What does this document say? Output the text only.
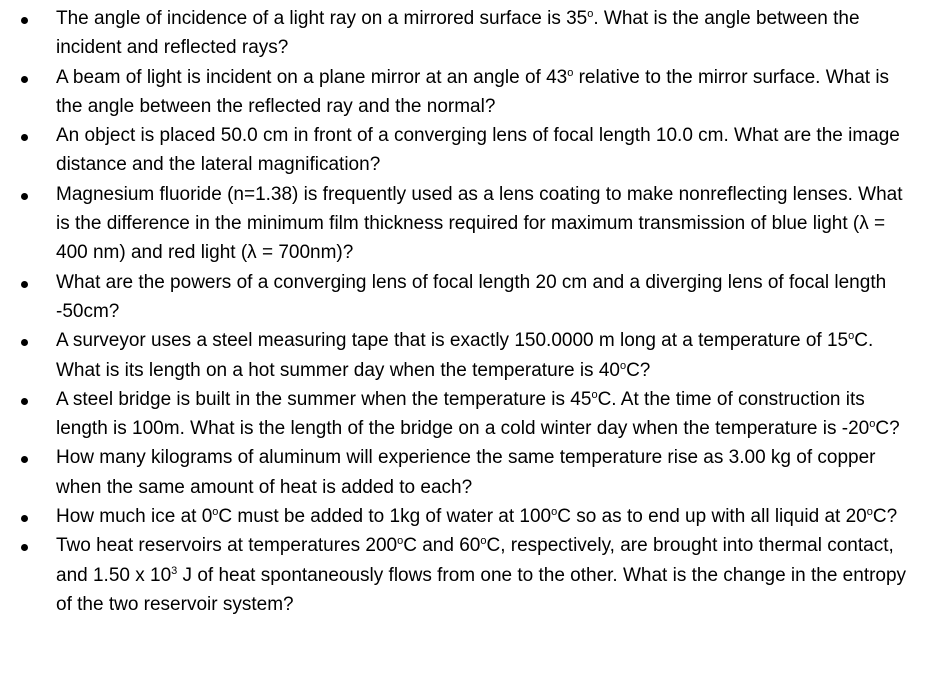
The angle of incidence of a light ray on a mirrored surface is 35$^o$. What is the angle between the incident and reflected rays?
A beam of light is incident on a plane mirror at an angle of 43$^o$ relative to the mirror surface. What is the angle between the reflected ray and the normal?
An object is placed 50.0 cm in front of a converging lens of focal length 10.0 cm. What are the image distance and the lateral magnification?
Magnesium fluoride (n=1.38) is frequently used as a lens coating to make nonreflecting lenses. What is the difference in the minimum film thickness required for maximum transmission of blue light (λ = 400 nm) and red light (λ = 700nm)?
What are the powers of a converging lens of focal length 20 cm and a diverging lens of focal length -50cm?
A surveyor uses a steel measuring tape that is exactly 150.0000 m long at a temperature of 15$^o$C. What is its length on a hot summer day when the temperature is 40$^o$C?
A steel bridge is built in the summer when the temperature is 45$^o$C. At the time of construction its length is 100m. What is the length of the bridge on a cold winter day when the temperature is -20$^o$C?
How many kilograms of aluminum will experience the same temperature rise as 3.00 kg of copper when the same amount of heat is added to each?
How much ice at 0$^o$C must be added to 1kg of water at 100$^o$C so as to end up with all liquid at 20$^o$C?
Two heat reservoirs at temperatures 200$^o$C and 60$^o$C, respectively, are brought into thermal contact, and 1.50 x $10^3$ J of heat spontaneously flows from one to the other. What is the change in the entropy of the two reservoir system?
